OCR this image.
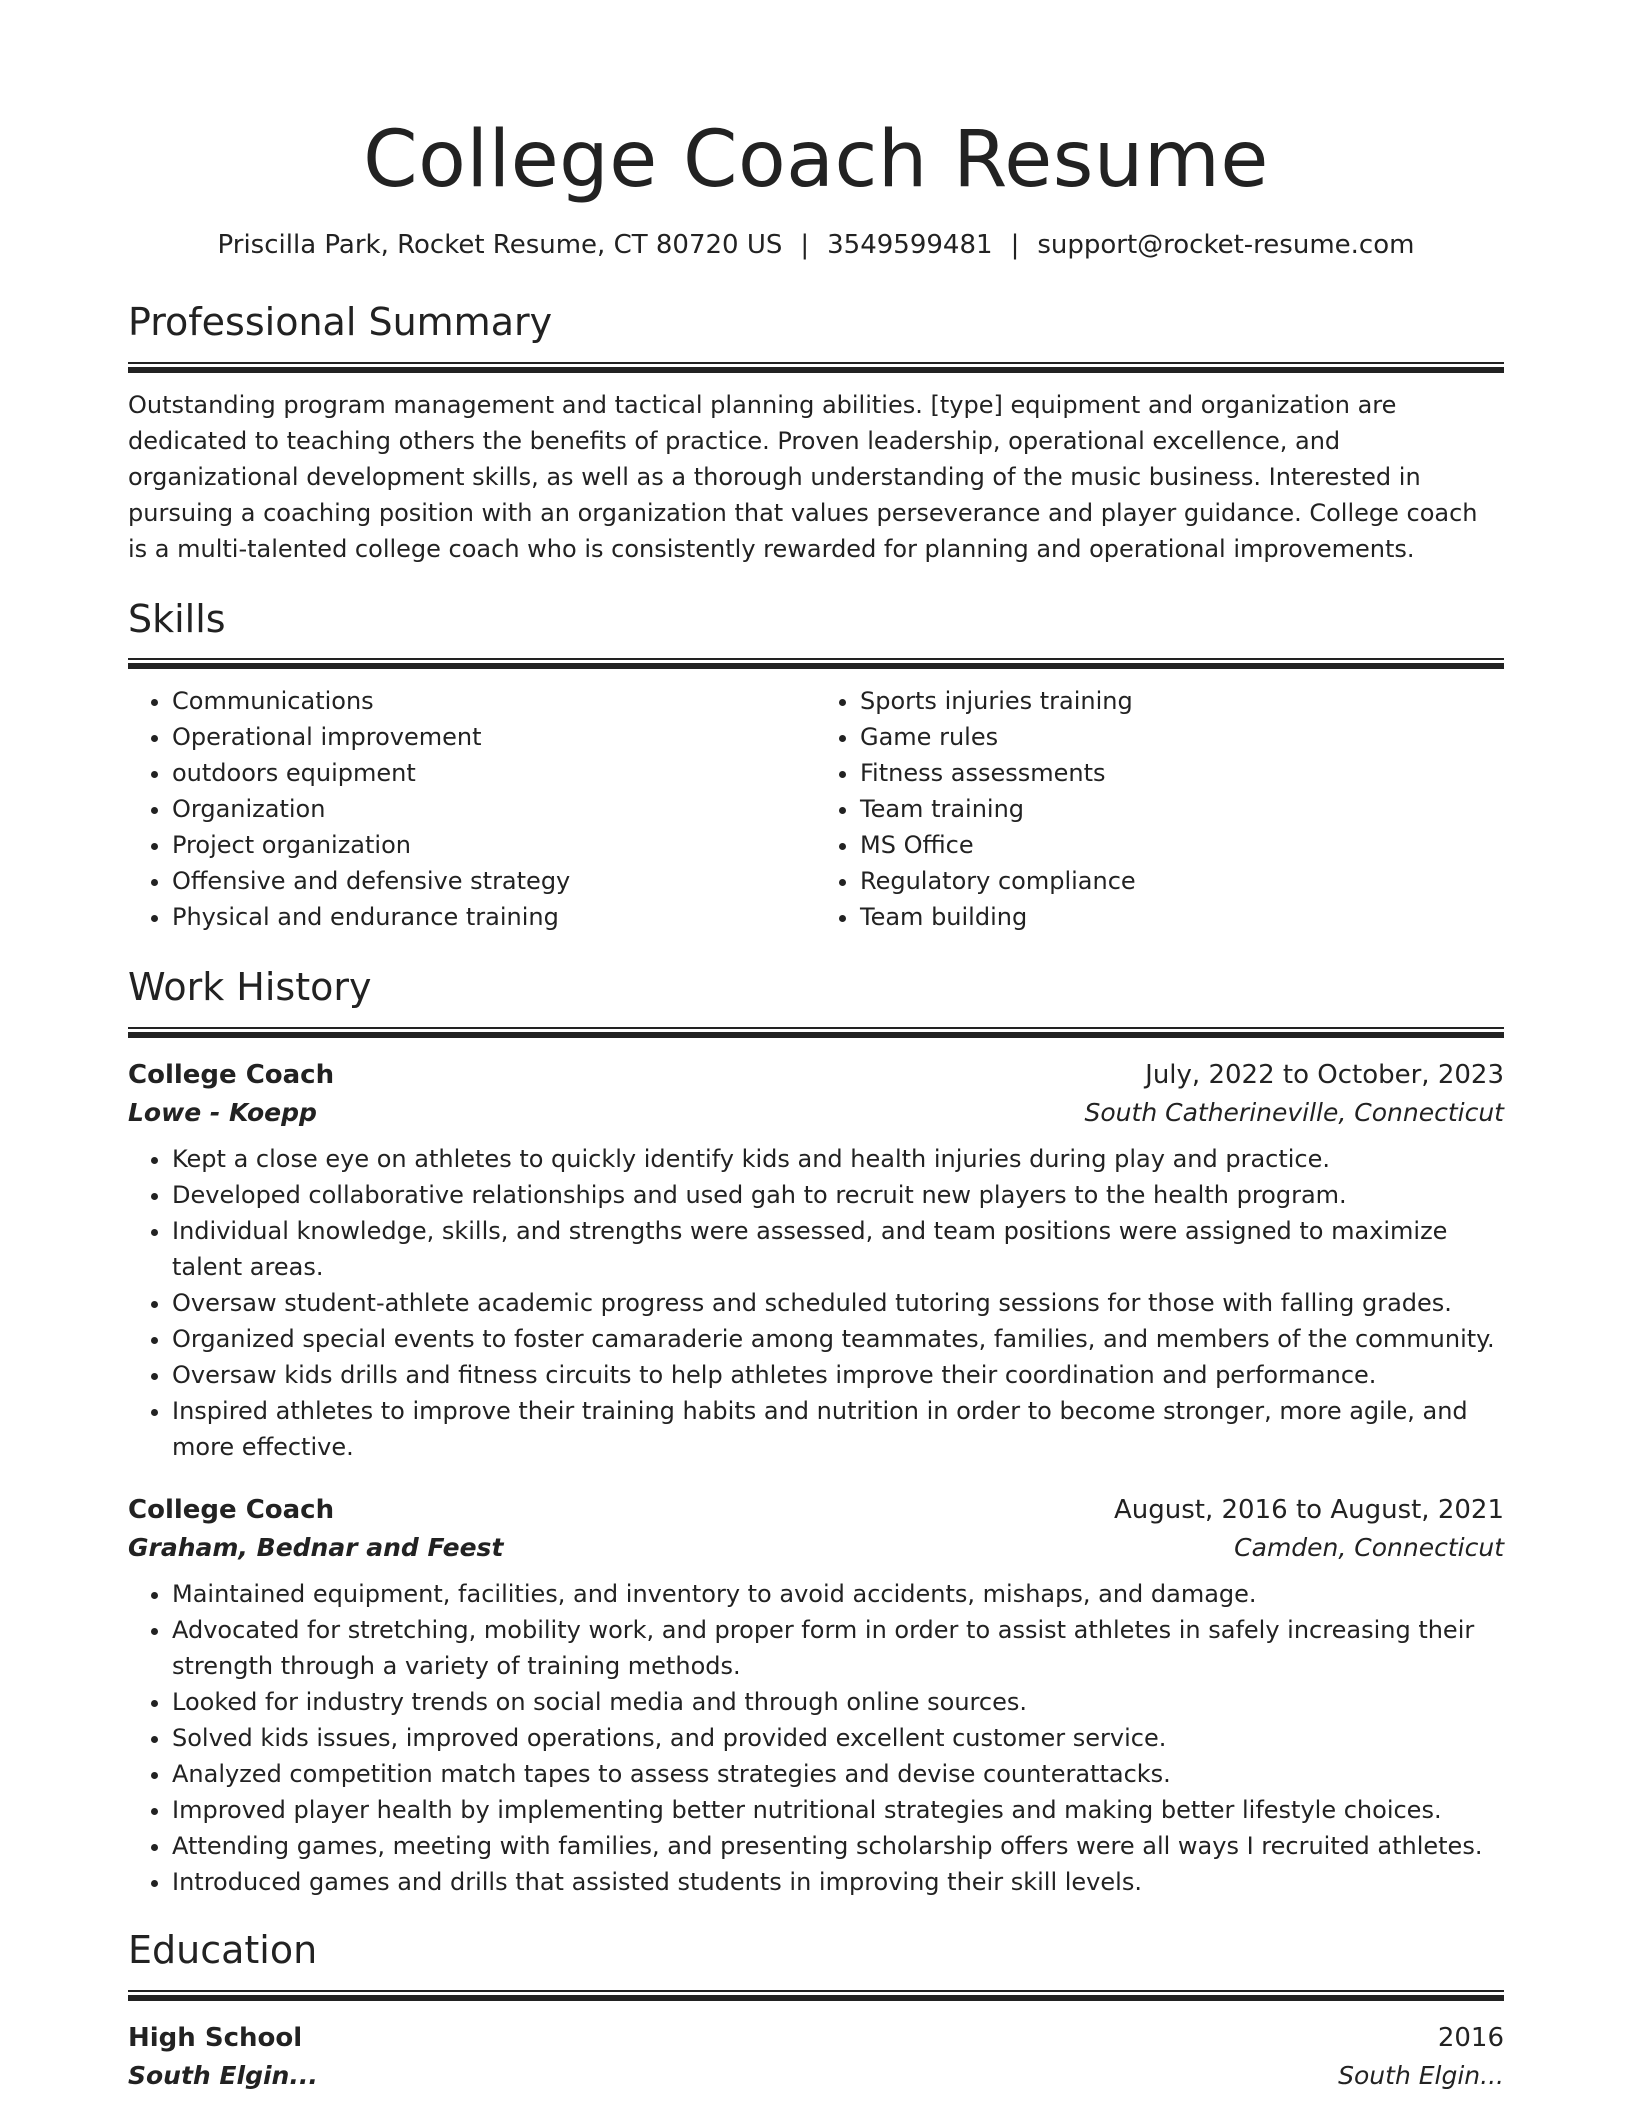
College Coach Resume
Priscilla Park, Rocket Resume, CT 80720 US | 3549599481 | support@rocket-resume.com
Professional Summary
Outstanding program management and tactical planning abilities. [type] equipment and organization are dedicated to teaching others the benefits of practice. Proven leadership, operational excellence, and organizational development skills, as well as a thorough understanding of the music business. Interested in pursuing a coaching position with an organization that values perseverance and player guidance. College coach is a multi-talented college coach who is consistently rewarded for planning and operational improvements.
Skills
• Communications
• Operational improvement
• outdoors equipment
• Organization
• Project organization
• Offensive and defensive strategy
• Physical and endurance training
• Sports injuries training
• Game rules
• Fitness assessments
• Team training
• MS Office
• Regulatory compliance
• Team building
Work History
College Coach	July, 2022 to October, 2023
Lowe - Koepp	South Catherineville, Connecticut
• Kept a close eye on athletes to quickly identify kids and health injuries during play and practice.
• Developed collaborative relationships and used gah to recruit new players to the health program.
• Individual knowledge, skills, and strengths were assessed, and team positions were assigned to maximize talent areas.
• Oversaw student-athlete academic progress and scheduled tutoring sessions for those with falling grades.
• Organized special events to foster camaraderie among teammates, families, and members of the community.
• Oversaw kids drills and fitness circuits to help athletes improve their coordination and performance.
• Inspired athletes to improve their training habits and nutrition in order to become stronger, more agile, and more effective.
College Coach	August, 2016 to August, 2021
Graham, Bednar and Feest	Camden, Connecticut
• Maintained equipment, facilities, and inventory to avoid accidents, mishaps, and damage.
• Advocated for stretching, mobility work, and proper form in order to assist athletes in safely increasing their strength through a variety of training methods.
• Looked for industry trends on social media and through online sources.
• Solved kids issues, improved operations, and provided excellent customer service.
• Analyzed competition match tapes to assess strategies and devise counterattacks.
• Improved player health by implementing better nutritional strategies and making better lifestyle choices.
• Attending games, meeting with families, and presenting scholarship offers were all ways I recruited athletes.
• Introduced games and drills that assisted students in improving their skill levels.
Education
High School	2016
South Elgin...	South Elgin...
